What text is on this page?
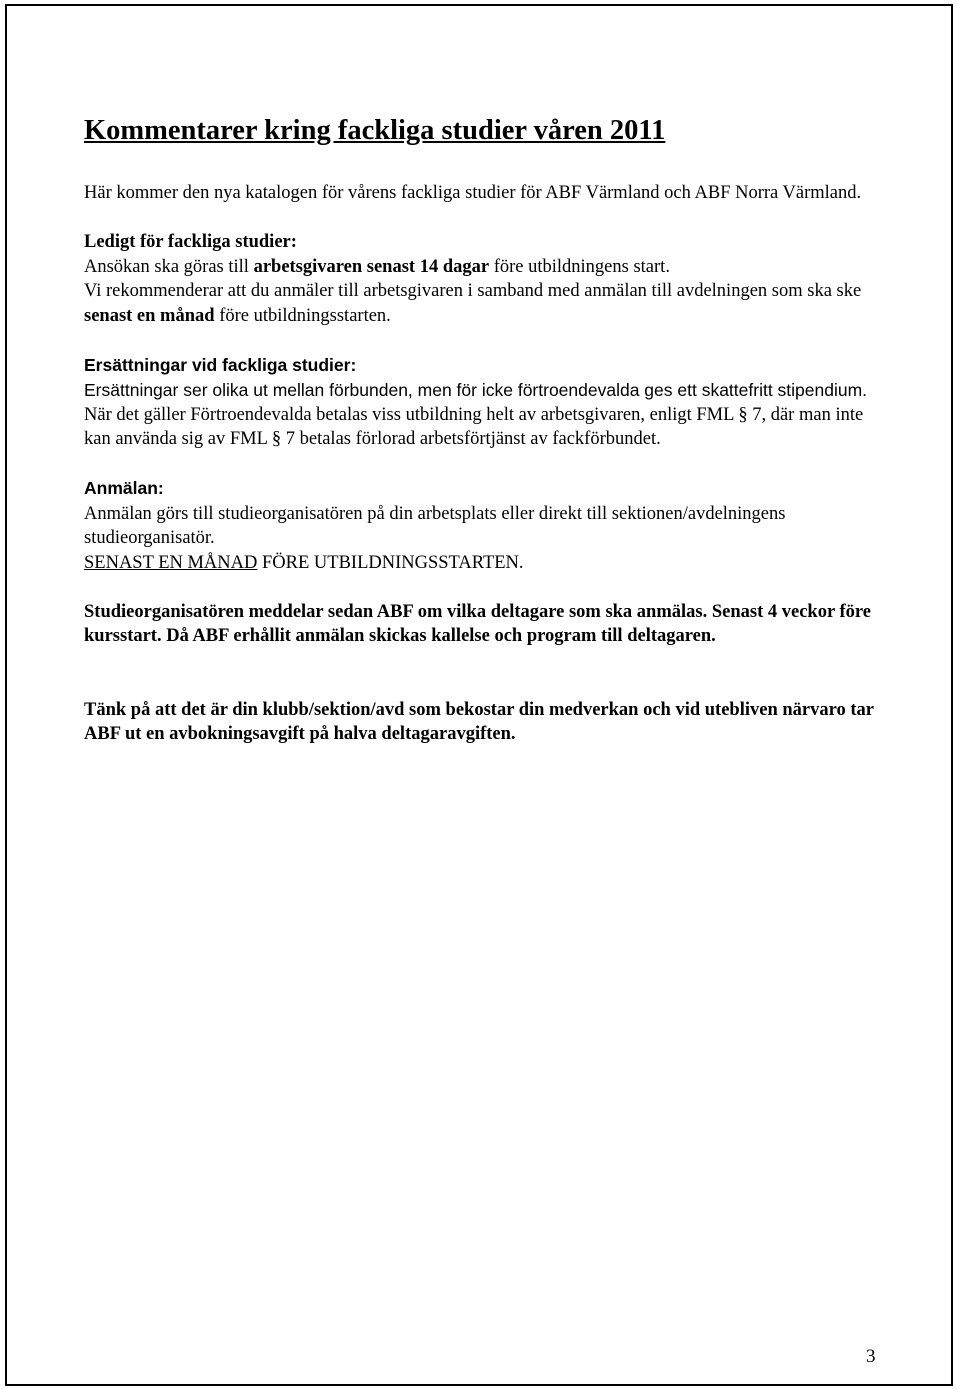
Kommentarer kring fackliga studier våren 2011

Här kommer den nya katalogen för vårens fackliga studier för ABF Värmland och ABF Norra Värmland.

Ledigt för fackliga studier:

Ansökan ska göras till arbetsgivaren senast 14 dagar före utbildningens start.

Vi rekommenderar att du anmäler till arbetsgivaren i samband med anmälan till avdelningen som ska ske senast en månad före utbildningsstarten.

Ersättningar vid fackliga studier:

Ersättningar ser olika ut mellan förbunden, men för icke förtroendevalda ges ett skattefritt stipendium.

När det gäller Förtroendevalda betalas viss utbildning helt av arbetsgivaren, enligt FML § 7, där man inte kan använda sig av FML § 7 betalas förlorad arbetsförtjänst av fackförbundet.

Anmälan:

Anmälan görs till studieorganisatören på din arbetsplats eller direkt till sektionen/avdelningens studieorganisatör.

SENAST EN MÅNAD FÖRE UTBILDNINGSSTARTEN.

Studieorganisatören meddelar sedan ABF om vilka deltagare som ska anmälas. Senast 4 veckor före kursstart. Då ABF erhållit anmälan skickas kallelse och program till deltagaren.

Tänk på att det är din klubb/sektion/avd som bekostar din medverkan och vid utebliven närvaro tar ABF ut en avbokningsavgift på halva deltagaravgiften.

3
